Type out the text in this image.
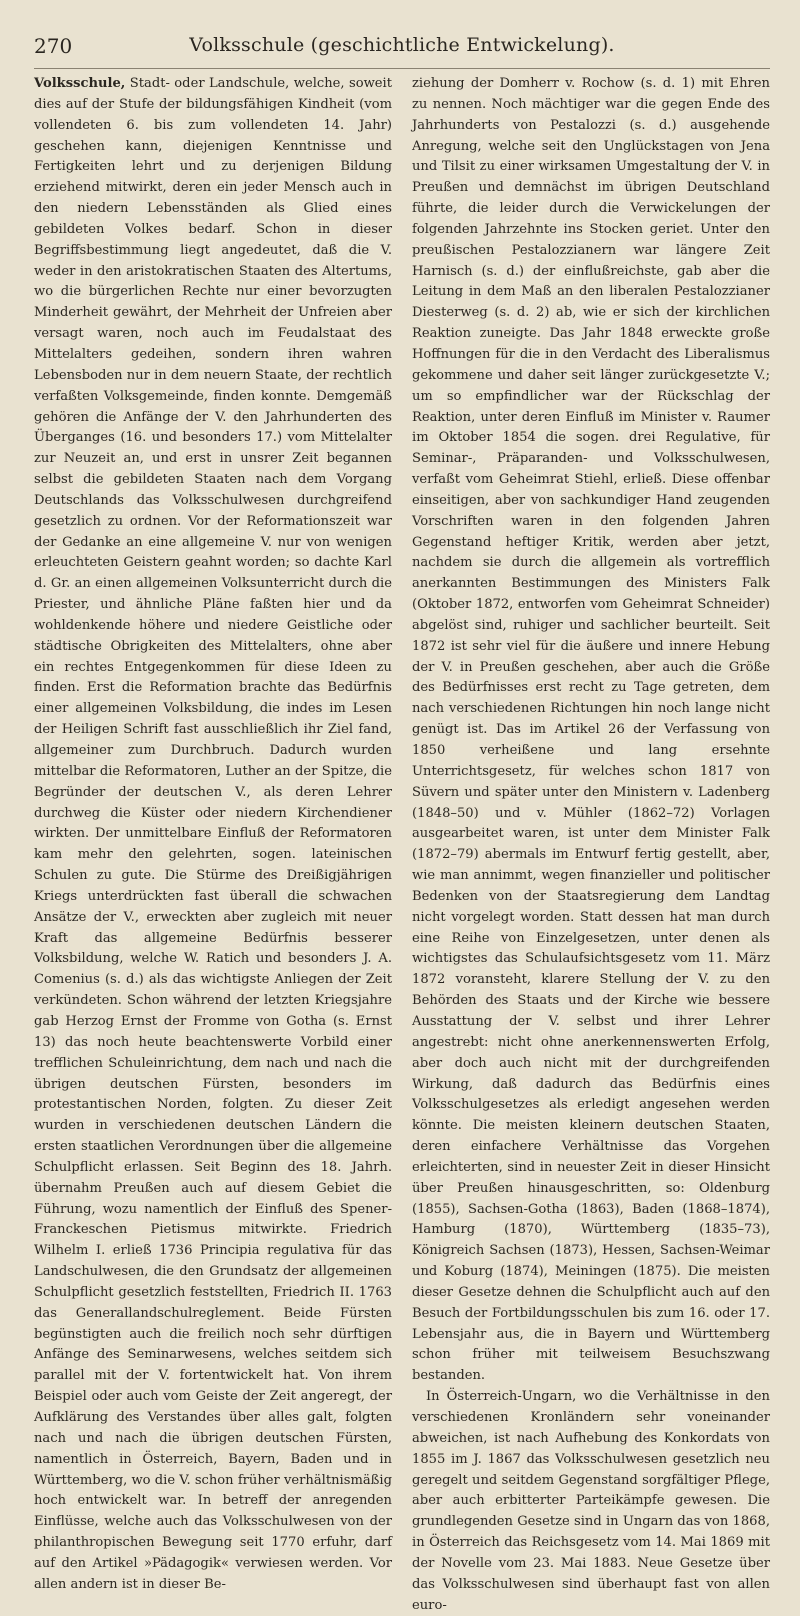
270	Volksschule (geschichtliche Entwickelung).

Volksschule, Stadt- oder Landschule, welche, soweit dies auf der Stufe der bildungsfähigen Kindheit (vom vollendeten 6. bis zum vollendeten 14. Jahr) geschehen kann, diejenigen Kenntnisse und Fertigkeiten lehrt und zu derjenigen Bildung erziehend mitwirkt, deren ein jeder Mensch auch in den niedern Lebensständen als Glied eines gebildeten Volkes bedarf. Schon in dieser Begriffsbestimmung liegt angedeutet, daß die V. weder in den aristokratischen Staaten des Altertums, wo die bürgerlichen Rechte nur einer bevorzugten Minderheit gewährt, der Mehrheit der Unfreien aber versagt waren, noch auch im Feudalstaat des Mittelalters gedeihen, sondern ihren wahren Lebensboden nur in dem neuern Staate, der rechtlich verfaßten Volksgemeinde, finden konnte. Demgemäß gehören die Anfänge der V. den Jahrhunderten des Überganges (16. und besonders 17.) vom Mittelalter zur Neuzeit an, und erst in unsrer Zeit begannen selbst die gebildeten Staaten nach dem Vorgang Deutschlands das Volksschulwesen durchgreifend gesetzlich zu ordnen. Vor der Reformationszeit war der Gedanke an eine allgemeine V. nur von wenigen erleuchteten Geistern geahnt worden; so dachte Karl d. Gr. an einen allgemeinen Volksunterricht durch die Priester, und ähnliche Pläne faßten hier und da wohldenkende höhere und niedere Geistliche oder städtische Obrigkeiten des Mittelalters, ohne aber ein rechtes Entgegenkommen für diese Ideen zu finden. Erst die Reformation brachte das Bedürfnis einer allgemeinen Volksbildung, die indes im Lesen der Heiligen Schrift fast ausschließlich ihr Ziel fand, allgemeiner zum Durchbruch. Dadurch wurden mittelbar die Reformatoren, Luther an der Spitze, die Begründer der deutschen V., als deren Lehrer durchweg die Küster oder niedern Kirchendiener wirkten. Der unmittelbare Einfluß der Reformatoren kam mehr den gelehrten, sogen. lateinischen Schulen zu gute. Die Stürme des Dreißigjährigen Kriegs unterdrückten fast überall die schwachen Ansätze der V., erweckten aber zugleich mit neuer Kraft das allgemeine Bedürfnis besserer Volksbildung, welche W. Ratich und besonders J. A. Comenius (s. d.) als das wichtigste Anliegen der Zeit verkündeten. Schon während der letzten Kriegsjahre gab Herzog Ernst der Fromme von Gotha (s. Ernst 13) das noch heute beachtenswerte Vorbild einer trefflichen Schuleinrichtung, dem nach und nach die übrigen deutschen Fürsten, besonders im protestantischen Norden, folgten. Zu dieser Zeit wurden in verschiedenen deutschen Ländern die ersten staatlichen Verordnungen über die allgemeine Schulpflicht erlassen. Seit Beginn des 18. Jahrh. übernahm Preußen auch auf diesem Gebiet die Führung, wozu namentlich der Einfluß des Spener-Franckeschen Pietismus mitwirkte. Friedrich Wilhelm I. erließ 1736 Principia regulativa für das Landschulwesen, die den Grundsatz der allgemeinen Schulpflicht gesetzlich feststellten, Friedrich II. 1763 das Generallandschulreglement. Beide Fürsten begünstigten auch die freilich noch sehr dürftigen Anfänge des Seminarwesens, welches seitdem sich parallel mit der V. fortentwickelt hat. Von ihrem Beispiel oder auch vom Geiste der Zeit angeregt, der Aufklärung des Verstandes über alles galt, folgten nach und nach die übrigen deutschen Fürsten, namentlich in Österreich, Bayern, Baden und in Württemberg, wo die V. schon früher verhältnismäßig hoch entwickelt war. In betreff der anregenden Einflüsse, welche auch das Volksschulwesen von der philanthropischen Bewegung seit 1770 erfuhr, darf auf den Artikel »Pädagogik« verwiesen werden. Vor allen andern ist in dieser Be-

ziehung der Domherr v. Rochow (s. d. 1) mit Ehren zu nennen. Noch mächtiger war die gegen Ende des Jahrhunderts von Pestalozzi (s. d.) ausgehende Anregung, welche seit den Unglückstagen von Jena und Tilsit zu einer wirksamen Umgestaltung der V. in Preußen und demnächst im übrigen Deutschland führte, die leider durch die Verwickelungen der folgenden Jahrzehnte ins Stocken geriet. Unter den preußischen Pestalozzianern war längere Zeit Harnisch (s. d.) der einflußreichste, gab aber die Leitung in dem Maß an den liberalen Pestalozzianer Diesterweg (s. d. 2) ab, wie er sich der kirchlichen Reaktion zuneigte. Das Jahr 1848 erweckte große Hoffnungen für die in den Verdacht des Liberalismus gekommene und daher seit länger zurückgesetzte V.; um so empfindlicher war der Rückschlag der Reaktion, unter deren Einfluß im Minister v. Raumer im Oktober 1854 die sogen. drei Regulative, für Seminar-, Präparanden- und Volksschulwesen, verfaßt vom Geheimrat Stiehl, erließ. Diese offenbar einseitigen, aber von sachkundiger Hand zeugenden Vorschriften waren in den folgenden Jahren Gegenstand heftiger Kritik, werden aber jetzt, nachdem sie durch die allgemein als vortrefflich anerkannten Bestimmungen des Ministers Falk (Oktober 1872, entworfen vom Geheimrat Schneider) abgelöst sind, ruhiger und sachlicher beurteilt. Seit 1872 ist sehr viel für die äußere und innere Hebung der V. in Preußen geschehen, aber auch die Größe des Bedürfnisses erst recht zu Tage getreten, dem nach verschiedenen Richtungen hin noch lange nicht genügt ist. Das im Artikel 26 der Verfassung von 1850 verheißene und lang ersehnte Unterrichtsgesetz, für welches schon 1817 von Süvern und später unter den Ministern v. Ladenberg (1848–50) und v. Mühler (1862–72) Vorlagen ausgearbeitet waren, ist unter dem Minister Falk (1872–79) abermals im Entwurf fertig gestellt, aber, wie man annimmt, wegen finanzieller und politischer Bedenken von der Staatsregierung dem Landtag nicht vorgelegt worden. Statt dessen hat man durch eine Reihe von Einzelgesetzen, unter denen als wichtigstes das Schulaufsichtsgesetz vom 11. März 1872 voransteht, klarere Stellung der V. zu den Behörden des Staats und der Kirche wie bessere Ausstattung der V. selbst und ihrer Lehrer angestrebt: nicht ohne anerkennenswerten Erfolg, aber doch auch nicht mit der durchgreifenden Wirkung, daß dadurch das Bedürfnis eines Volksschulgesetzes als erledigt angesehen werden könnte. Die meisten kleinern deutschen Staaten, deren einfachere Verhältnisse das Vorgehen erleichterten, sind in neuester Zeit in dieser Hinsicht über Preußen hinausgeschritten, so: Oldenburg (1855), Sachsen-Gotha (1863), Baden (1868–1874), Hamburg (1870), Württemberg (1835–73), Königreich Sachsen (1873), Hessen, Sachsen-Weimar und Koburg (1874), Meiningen (1875). Die meisten dieser Gesetze dehnen die Schulpflicht auch auf den Besuch der Fortbildungsschulen bis zum 16. oder 17. Lebensjahr aus, die in Bayern und Württemberg schon früher mit teilweisem Besuchszwang bestanden.

In Österreich-Ungarn, wo die Verhältnisse in den verschiedenen Kronländern sehr voneinander abweichen, ist nach Aufhebung des Konkordats von 1855 im J. 1867 das Volksschulwesen gesetzlich neu geregelt und seitdem Gegenstand sorgfältiger Pflege, aber auch erbitterter Parteikämpfe gewesen. Die grundlegenden Gesetze sind in Ungarn das von 1868, in Österreich das Reichsgesetz vom 14. Mai 1869 mit der Novelle vom 23. Mai 1883. Neue Gesetze über das Volksschulwesen sind überhaupt fast von allen euro-
